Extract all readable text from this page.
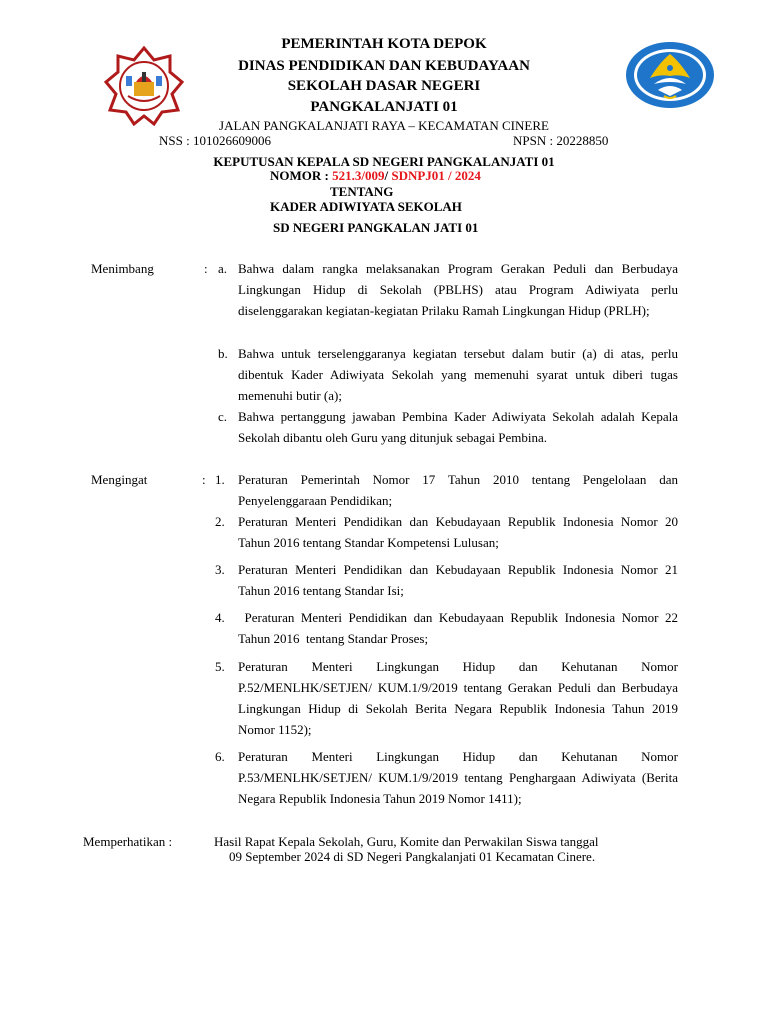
PEMERINTAH KOTA DEPOK
DINAS PENDIDIKAN DAN KEBUDAYAAN
SEKOLAH DASAR NEGERI
PANGKALANJATI 01
JALAN PANGKALANJATI RAYA – KECAMATAN CINERE
NSS : 101026609006	NPSN : 20228850
KEPUTUSAN KEPALA SD NEGERI PANGKALANJATI 01
NOMOR : 521.3/009/ SDNPJ01 / 2024
TENTANG
KADER ADIWIYATA SEKOLAH
SD NEGERI PANGKALAN JATI 01
Menimbang	: a. Bahwa dalam rangka melaksanakan Program Gerakan Peduli dan Berbudaya Lingkungan Hidup di Sekolah (PBLHS) atau Program Adiwiyata perlu diselenggarakan kegiatan-kegiatan Prilaku Ramah Lingkungan Hidup (PRLH);
b. Bahwa untuk terselenggaranya kegiatan tersebut dalam butir (a) di atas, perlu dibentuk Kader Adiwiyata Sekolah yang memenuhi syarat untuk diberi tugas memenuhi butir (a);
c. Bahwa pertanggung jawaban Pembina Kader Adiwiyata Sekolah adalah Kepala Sekolah dibantu oleh Guru yang ditunjuk sebagai Pembina.
Mengingat	: 1. Peraturan Pemerintah Nomor 17 Tahun 2010 tentang Pengelolaan dan Penyelenggaraan Pendidikan;
2. Peraturan Menteri Pendidikan dan Kebudayaan Republik Indonesia Nomor 20 Tahun 2016 tentang Standar Kompetensi Lulusan;
3. Peraturan Menteri Pendidikan dan Kebudayaan Republik Indonesia Nomor 21 Tahun 2016 tentang Standar Isi;
4. Peraturan Menteri Pendidikan dan Kebudayaan Republik Indonesia Nomor 22 Tahun 2016  tentang Standar Proses;
5. Peraturan Menteri Lingkungan Hidup dan Kehutanan Nomor P.52/MENLHK/SETJEN/ KUM.1/9/2019 tentang Gerakan Peduli dan Berbudaya Lingkungan Hidup di Sekolah Berita Negara Republik Indonesia Tahun 2019 Nomor 1152);
6. Peraturan Menteri Lingkungan Hidup dan Kehutanan Nomor P.53/MENLHK/SETJEN/ KUM.1/9/2019 tentang Penghargaan Adiwiyata (Berita Negara Republik Indonesia Tahun 2019 Nomor 1411);
Memperhatikan :	Hasil Rapat Kepala Sekolah, Guru, Komite dan Perwakilan Siswa tanggal
09 September 2024 di SD Negeri Pangkalanjati 01 Kecamatan Cinere.
